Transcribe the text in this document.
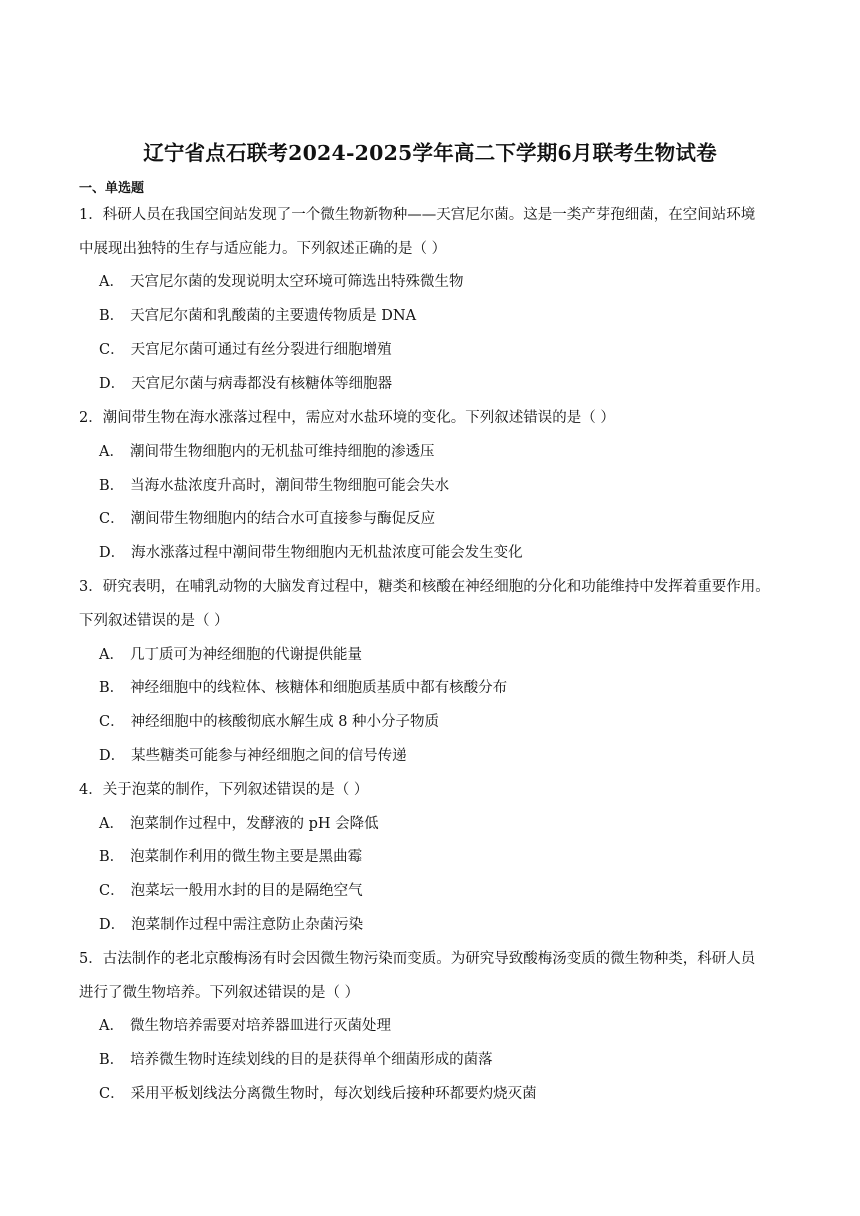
辽宁省点石联考2024-2025学年高二下学期6月联考生物试卷
一、单选题
1．科研人员在我国空间站发现了一个微生物新物种——天宫尼尔菌。这是一类产芽孢细菌，在空间站环境
中展现出独特的生存与适应能力。下列叙述正确的是（ ）
A． 天宫尼尔菌的发现说明太空环境可筛选出特殊微生物
B． 天宫尼尔菌和乳酸菌的主要遗传物质是 DNA
C． 天宫尼尔菌可通过有丝分裂进行细胞增殖
D． 天宫尼尔菌与病毒都没有核糖体等细胞器
2．潮间带生物在海水涨落过程中，需应对水盐环境的变化。下列叙述错误的是（ ）
A． 潮间带生物细胞内的无机盐可维持细胞的渗透压
B． 当海水盐浓度升高时，潮间带生物细胞可能会失水
C． 潮间带生物细胞内的结合水可直接参与酶促反应
D． 海水涨落过程中潮间带生物细胞内无机盐浓度可能会发生变化
3．研究表明，在哺乳动物的大脑发育过程中，糖类和核酸在神经细胞的分化和功能维持中发挥着重要作用。
下列叙述错误的是（ ）
A． 几丁质可为神经细胞的代谢提供能量
B． 神经细胞中的线粒体、核糖体和细胞质基质中都有核酸分布
C． 神经细胞中的核酸彻底水解生成 8 种小分子物质
D． 某些糖类可能参与神经细胞之间的信号传递
4．关于泡菜的制作，下列叙述错误的是（ ）
A． 泡菜制作过程中，发酵液的 pH 会降低
B． 泡菜制作利用的微生物主要是黑曲霉
C． 泡菜坛一般用水封的目的是隔绝空气
D． 泡菜制作过程中需注意防止杂菌污染
5．古法制作的老北京酸梅汤有时会因微生物污染而变质。为研究导致酸梅汤变质的微生物种类，科研人员
进行了微生物培养。下列叙述错误的是（ ）
A． 微生物培养需要对培养器皿进行灭菌处理
B． 培养微生物时连续划线的目的是获得单个细菌形成的菌落
C． 采用平板划线法分离微生物时，每次划线后接种环都要灼烧灭菌
